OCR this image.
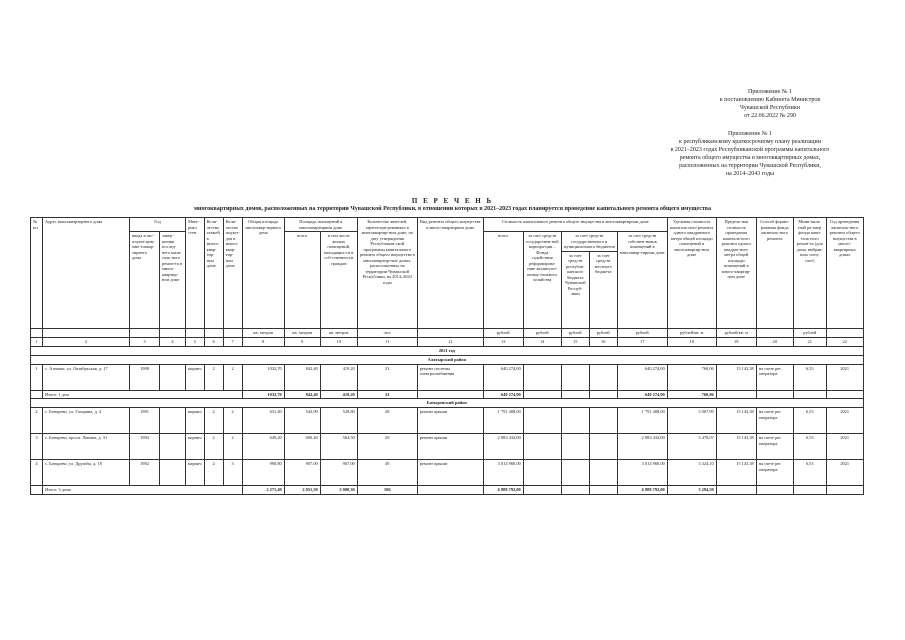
Приложение № 1
к постановлению Кабинета Министров
Чувашской Республики
от 22.06.2022 № 290
Приложение № 1
к республиканскому краткосрочному плану реализации
в 2021–2023 годах Республиканской программы капитального
ремонта общего имущества в многоквартирных домах,
расположенных на территории Чувашской Республики,
на 2014–2043 годы
П Е Р Е Ч Е Н Ь
многоквартирных домов, расположенных на территории Чувашской Республики, в отношении которых в 2021–2023 годах планируется проведение капитального ремонта общего имущества
№ пп	Адрес многоквартирного дома	Год		Мате-риал стен	Коли-чество этажей в много-квар-тир-ном доме	Коли-чество подъез-дов в много-квар-тир-ном доме	Общая площадь многоквар-тирного дома	Площадь помещений в многоквартирном доме		Количество жителей, зарегистри-рованных в многоквартир-ном доме, на дату утверждения Республикан-ской программы капитального ремонта общего имущества в многоквартир-ных домах, расположенных на территории Чувашской Республики, на 2014–2043 годы	Вид ремонта общего имущества в много-квартирном доме	Стоимость капитального ремонта общего имущества в многоквартирном доме					Удельная стоимость капиталь-ного ремонта одного квадратного метра общей площади помещений в многоквартир-ном доме	Предель-ная стоимость проведения капиталь-ного ремонта одного квадрат-ного метра общей площади помещений в много-квартир-ном доме	Способ форми-рования фонда капиталь-ного ремонта	Мини-маль-ный ра-змер фонда капи-таль-ного ремон-та (для дома, выбрав-ших спец-счет)	Год проведения капиталь-ного ремонта общего имущества в много-квартирных домах
		ввода в экс-плуата-цию мно-гоквар-тирного дома	завер-шения послед-него капи-таль-ного ремон-та в много-квартир-ном доме					всего	в том числе жилых помещений, находящих-ся в соб-ственности граждан			всего	за счет средств государствен-ной корпора-ции – Фонда содействия реформирова-нию жилищ-но-комму-нального хозяйства	за счет средств государственного и муниципального бюджетов		за счет средств собствен-ников помещений в многоквар-тирном доме					
														за счет средств республи-канского бюджета Чувашской Респуб-лики	за счет средств местного бюджета						

							кв. метров	кв. метров	кв. метров	чел.		рублей	рублей	рублей	рублей	рублей	рублей/кв. м	рублей/кв. м		рублей	
1	2	3	4	5	6	7	8	9	10	11	12	13	14	15	16	17	18	19	20	21	22
2021 год																					
Алатырский район																					
1	с. Алнаши, ул. Октябрьская, д. 17	1988		кирпич	2	2	1032,70	842,40	419,20	33	ремонт системы электроснабжения	640 274,00				640 274,00	760,06	15 143,38	на счете рег. оператора	6,53	2021
	Итого: 1 дом						1032,70	842,40	419,20	33		640 274,00				640 274,00	760,06				
Батыревский район																					
2	с. Батырево, ул. Гагарина, д. 4	1981		кирпич	2	2	631,40	543,90	528,80	28	ремонт крыши	1 791 408,00				1 791 408,00	3 067,99	15 143,38	на счете рег. оператора	6,53	2021
3	с. Батырево, просп. Ленина, д. 31	1984		кирпич	2	2	649,20	600,40	564,50	29	ремонт крыши	2 083 432,00				2 083 432,00	3 470,07	15 143,38	на счете рег. оператора	6,53	2021
4	с. Батырево, ул. Дружбы, д. 18	1982		кирпич	2	3	990,80	907,00	907,00	49	ремонт крыши	3 014 960,00				3 014 960,00	3 324,10	15 143,38	на счете рег. оператора	6,53	2021
	Итого: 3 дома						2 271,40	2 051,30	2 000,30	106		6 889 792,00				6 889 792,00	3 294,50				
